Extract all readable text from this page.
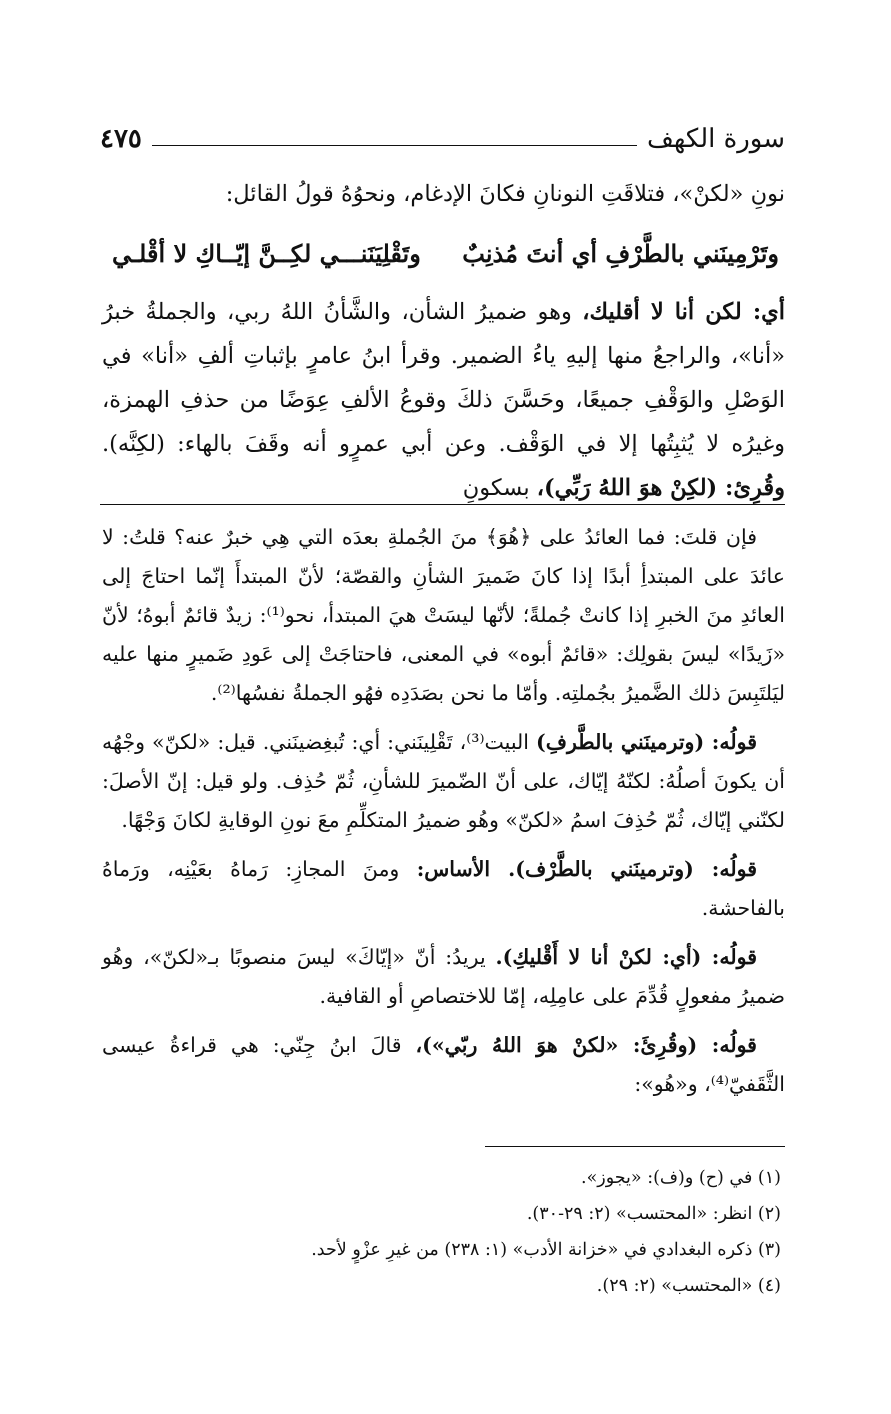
سورة الكهف
٤٧٥

نونِ «لكنْ»، فتلاقَتِ النونانِ فكانَ الإدغام، ونحوُهُ قولُ القائل:

وتَرْمِينَني بالطَّرْفِ أي أنتَ مُذنِبٌ
وتَقْلِيَنَنـــي لكِــنَّ إيّــاكِ لا أقْلـي

أي: لكن أنا لا أقليك، وهو ضميرُ الشأن، والشَّأنُ اللهُ ربي، والجملةُ خبرُ «أنا»، والراجعُ منها إليهِ ياءُ الضمير. وقرأ ابنُ عامرٍ بإثباتِ ألفِ «أنا» في الوَصْلِ والوَقْفِ جميعًا، وحَسَّنَ ذلكَ وقوعُ الألفِ عِوَضًا من حذفِ الهمزة، وغيرُه لا يُثبِتُها إلا في الوَقْف. وعن أبي عمرٍو أنه وقَفَ بالهاء: (لكِنَّه). وقُرِئ: (لكِنْ هوَ اللهُ رَبِّي)، بسكونِ

فإن قلتَ: فما العائدُ على ﴿هُوَ﴾ منَ الجُملةِ بعدَه التي هِي خبرٌ عنه؟ قلتُ: لا عائدَ على المبتدأِ أبدًا إذا كانَ ضَميرَ الشأنِ والقصّة؛ لأنّ المبتدأَ إنّما احتاجَ إلى العائدِ منَ الخبرِ إذا كانتْ جُملةً؛ لأنّها ليسَتْ هيَ المبتدأ، نحو⁽¹⁾: زيدٌ قائمٌ أبوهُ؛ لأنّ «زَيدًا» ليسَ بقولِك: «قائمٌ أبوه» في المعنى، فاحتاجَتْ إلى عَودِ ضَميرٍ منها عليه ليَلتَبِسَ ذلك الضَّميرُ بجُملتِه. وأمّا ما نحن بصَدَدِه فهُو الجملةُ نفسُها⁽²⁾.

قولُه: (وترمينَني بالطَّرفِ) البيت⁽³⁾، تَقْلِينَني: أي: تُبغِضينَني. قيل: «لكنّ» وجْهُه أن يكونَ أصلُهُ: لكنّهُ إيّاك، على أنّ الضّميرَ للشأنِ، ثُمّ حُذِف. ولو قيل: إنّ الأصلَ: لكنّني إيّاك، ثُمّ حُذِفَ اسمُ «لكنّ» وهُو ضميرُ المتكلِّمِ معَ نونِ الوقايةِ لكانَ وَجْهًا.

قولُه: (وترمينَني بالطَّرْف). الأساس: ومنَ المجازِ: رَماهُ بعَيْنِه، ورَماهُ بالفاحشة.

قولُه: (أي: لكنْ أنا لا أَقْليكِ). يريدُ: أنّ «إيّاكَ» ليسَ منصوبًا بـ«لكنّ»، وهُو ضميرُ مفعولٍ قُدِّمَ على عامِلِه، إمّا للاختصاصِ أو القافية.

قولُه: (وقُرِئَ: «لكنْ هوَ اللهُ ربّي»)، قالَ ابنُ جِنّي: هي قراءةُ عيسى الثَّقَفيّ⁽⁴⁾، و«هُو»:

(١) في (ح) و(ف): «يجوز».

(٢) انظر: «المحتسب» (٢: ٢٩-٣٠).

(٣) ذكره البغدادي في «خزانة الأدب» (١: ٢٣٨) من غيرِ عزْوٍ لأحد.

(٤) «المحتسب» (٢: ٢٩).
